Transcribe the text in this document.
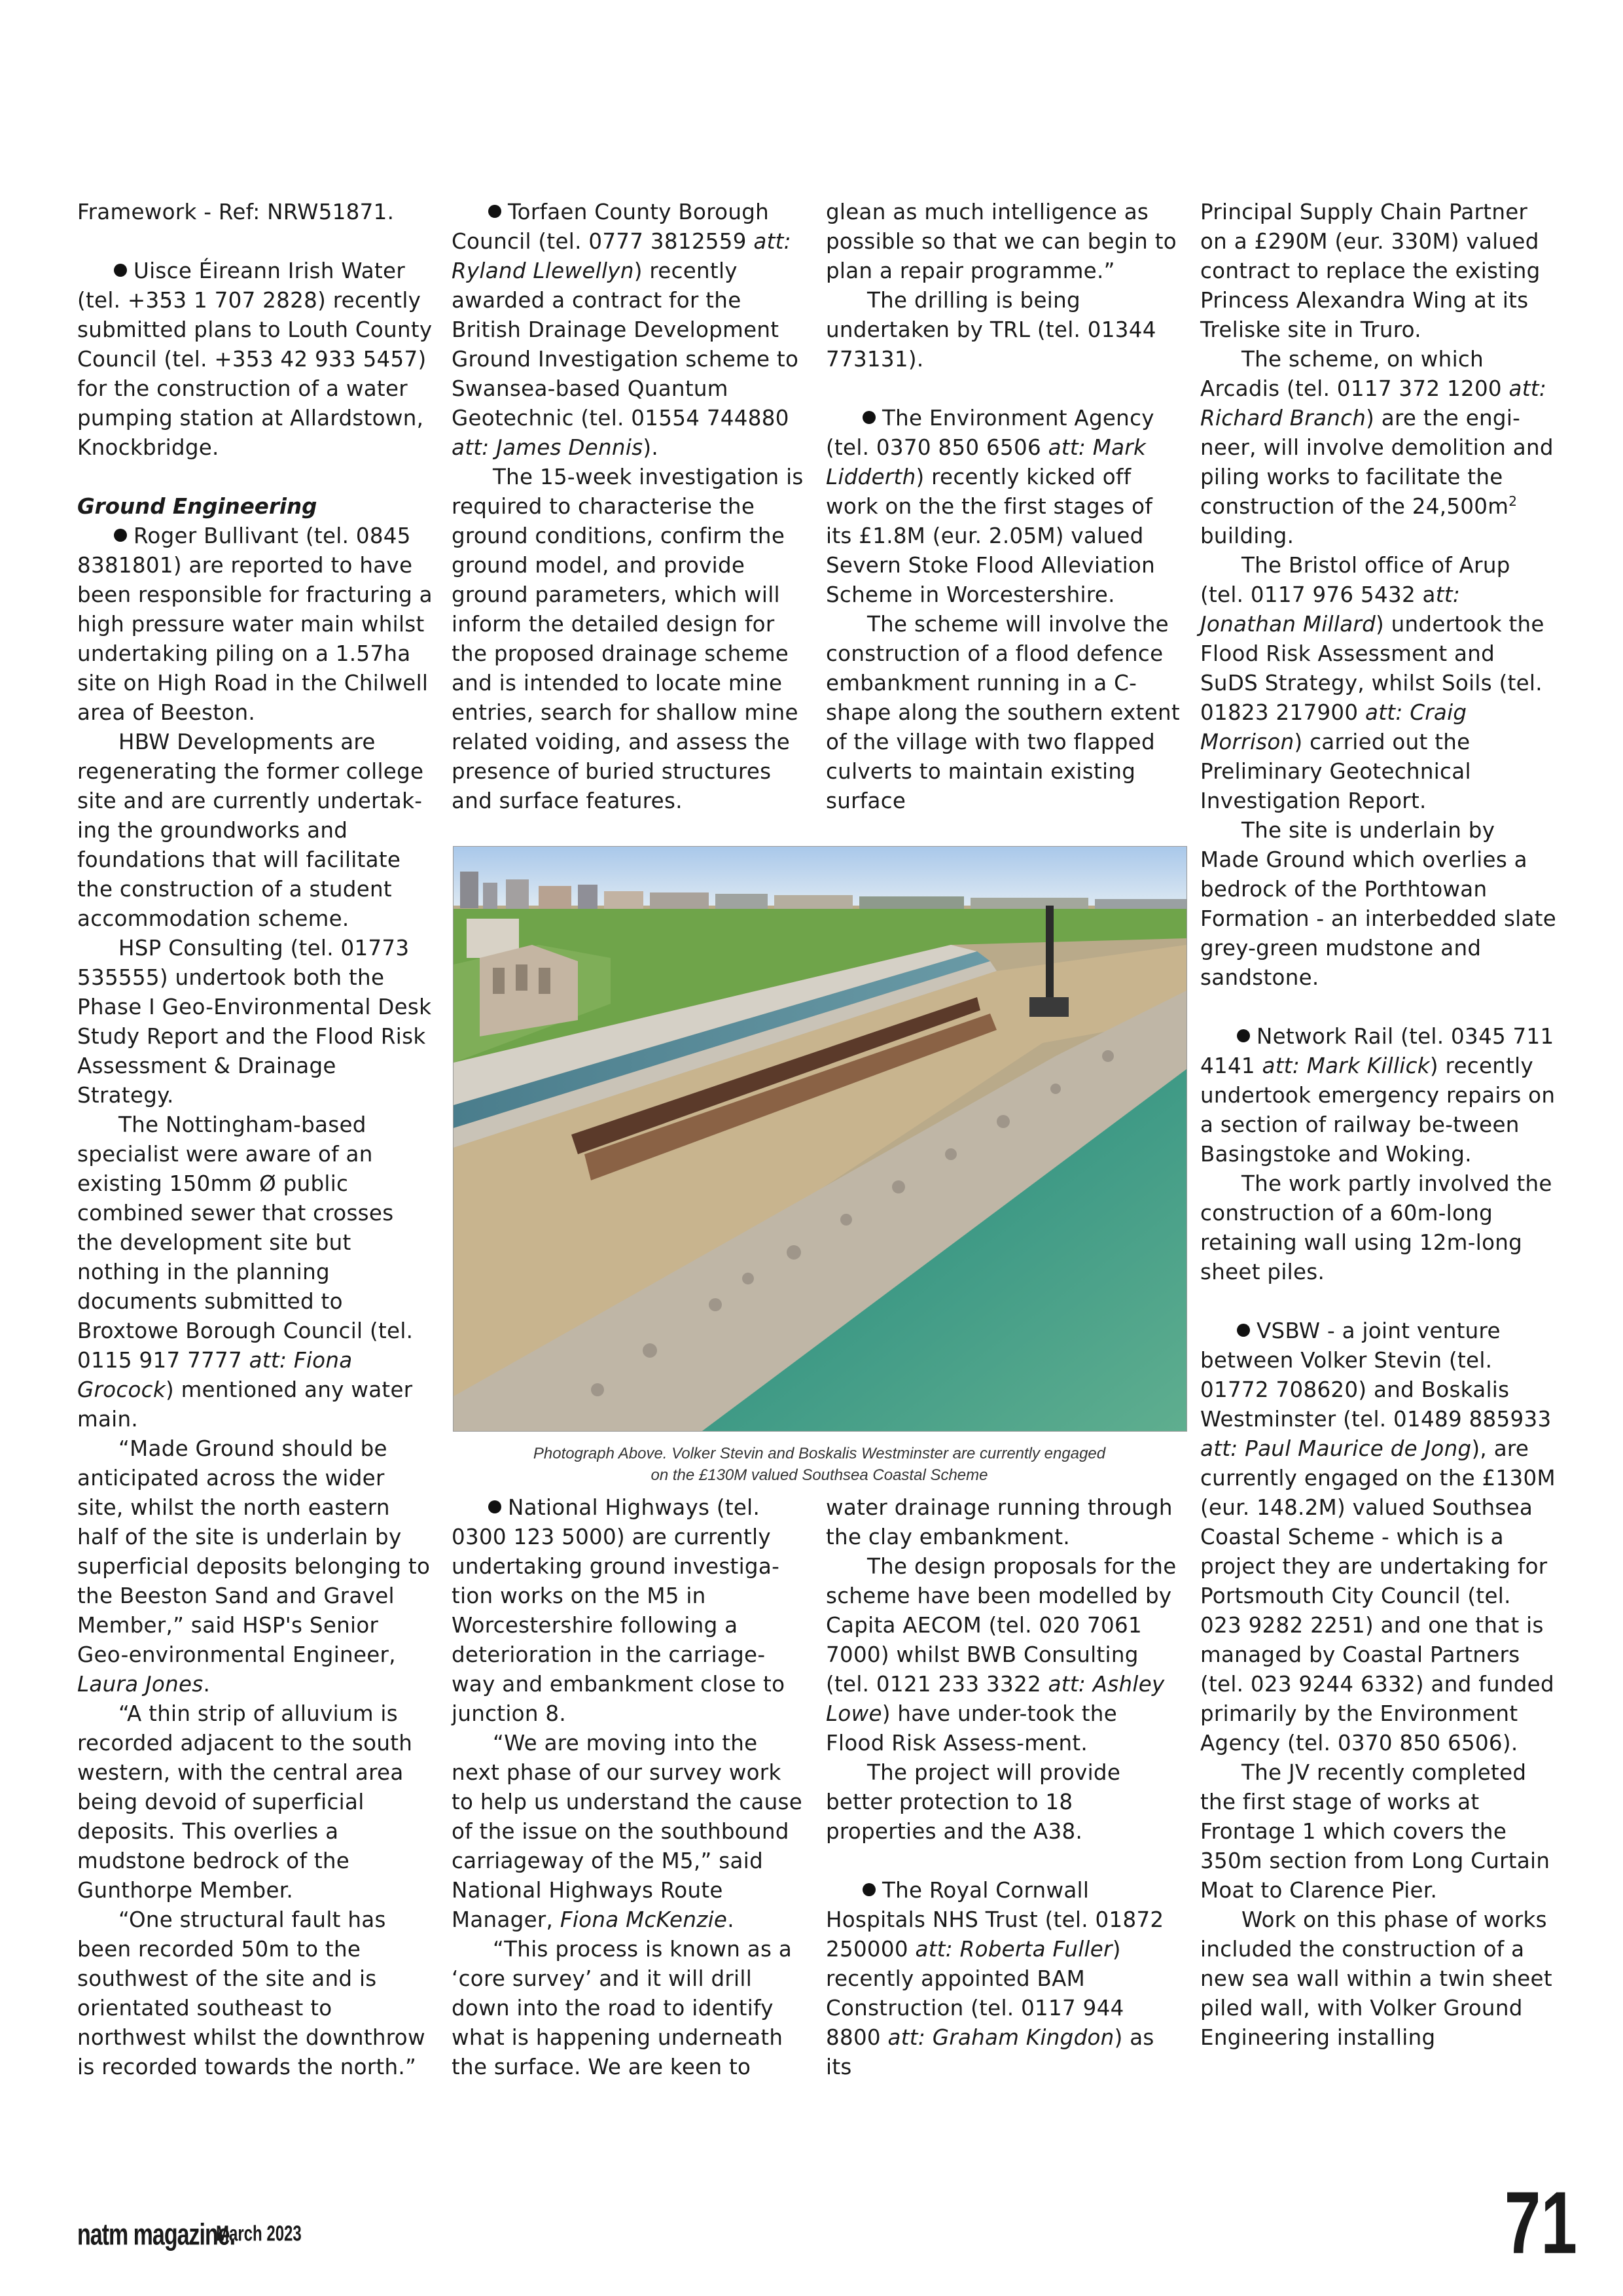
Framework - Ref: NRW51871.

Uisce Éireann Irish Water (tel. +353 1 707 2828) recently submitted plans to Louth County Council (tel. +353 42 933 5457) for the construction of a water pumping station at Allardstown, Knockbridge.

Ground Engineering

Roger Bullivant (tel. 0845 8381801) are reported to have been responsible for fracturing a high pressure water main whilst undertaking piling on a 1.57ha site on High Road in the Chilwell area of Beeston.

HBW Developments are regenerating the former college site and are currently undertak-ing the groundworks and foundations that will facilitate the construction of a student accommodation scheme.

HSP Consulting (tel. 01773 535555) undertook both the Phase I Geo-Environmental Desk Study Report and the Flood Risk Assessment & Drainage Strategy.

The Nottingham-based specialist were aware of an existing 150mm Ø public combined sewer that crosses the development site but nothing in the planning documents submitted to Broxtowe Borough Council (tel. 0115 917 7777 att: Fiona Grocock) mentioned any water main.

“Made Ground should be anticipated across the wider site, whilst the north eastern half of the site is underlain by superficial deposits belonging to the Beeston Sand and Gravel Member,” said HSP's Senior Geo-environmental Engineer, Laura Jones.

“A thin strip of alluvium is recorded adjacent to the south western, with the central area being devoid of superficial deposits. This overlies a mudstone bedrock of the Gunthorpe Member.

“One structural fault has been recorded 50m to the southwest of the site and is orientated southeast to northwest whilst the downthrow is recorded towards the north.”

Torfaen County Borough Council (tel. 0777 3812559 att: Ryland Llewellyn) recently awarded a contract for the British Drainage Development Ground Investigation scheme to Swansea-based Quantum Geotechnic (tel. 01554 744880 att: James Dennis).

The 15-week investigation is required to characterise the ground conditions, confirm the ground model, and provide ground parameters, which will inform the detailed design for the proposed drainage scheme and is intended to locate mine entries, search for shallow mine related voiding, and assess the presence of buried structures and surface features.

glean as much intelligence as possible so that we can begin to plan a repair programme.”

The drilling is being undertaken by TRL (tel. 01344 773131).

The Environment Agency (tel. 0370 850 6506 att: Mark Lidderth) recently kicked off work on the the first stages of its £1.8M (eur. 2.05M) valued Severn Stoke Flood Alleviation Scheme in Worcestershire.

The scheme will involve the construction of a flood defence embankment running in a C-shape along the southern extent of the village with two flapped culverts to maintain existing surface

Photograph Above. Volker Stevin and Boskalis Westminster are currently engaged
on the £130M valued Southsea Coastal Scheme

National Highways (tel. 0300 123 5000) are currently undertaking ground investiga-tion works on the M5 in Worcestershire following a deterioration in the carriage-way and embankment close to junction 8.

“We are moving into the next phase of our survey work to help us understand the cause of the issue on the southbound carriageway of the M5,” said National Highways Route Manager, Fiona McKenzie.

“This process is known as a ‘core survey’ and it will drill down into the road to identify what is happening underneath the surface. We are keen to

water drainage running through the clay embankment.

The design proposals for the scheme have been modelled by Capita AECOM (tel. 020 7061 7000) whilst BWB Consulting (tel. 0121 233 3322 att: Ashley Lowe) have under-took the Flood Risk Assess-ment.

The project will provide better protection to 18 properties and the A38.

The Royal Cornwall Hospitals NHS Trust (tel. 01872 250000 att: Roberta Fuller) recently appointed BAM Construction (tel. 0117 944 8800 att: Graham Kingdon) as its

Principal Supply Chain Partner on a £290M (eur. 330M) valued contract to replace the existing Princess Alexandra Wing at its Treliske site in Truro.

The scheme, on which Arcadis (tel. 0117 372 1200 att: Richard Branch) are the engi-neer, will involve demolition and piling works to facilitate the construction of the $24,500m^2$ building.

The Bristol office of Arup (tel. 0117 976 5432 att: Jonathan Millard) undertook the Flood Risk Assessment and SuDS Strategy, whilst Soils (tel. 01823 217900 att: Craig Morrison) carried out the Preliminary Geotechnical Investigation Report.

The site is underlain by Made Ground which overlies a bedrock of the Porthtowan Formation - an interbedded slate grey-green mudstone and sandstone.

Network Rail (tel. 0345 711 4141 att: Mark Killick) recently undertook emergency repairs on a section of railway be-tween Basingstoke and Woking.

The work partly involved the construction of a 60m-long retaining wall using 12m-long sheet piles.

VSBW - a joint venture between Volker Stevin (tel. 01772 708620) and Boskalis Westminster (tel. 01489 885933 att: Paul Maurice de Jong), are currently engaged on the £130M (eur. 148.2M) valued Southsea Coastal Scheme - which is a project they are undertaking for Portsmouth City Council (tel. 023 9282 2251) and one that is managed by Coastal Partners (tel. 023 9244 6332) and funded primarily by the Environment Agency (tel. 0370 850 6506).

The JV recently completed the first stage of works at Frontage 1 which covers the 350m section from Long Curtain Moat to Clarence Pier.

Work on this phase of works included the construction of a new sea wall within a twin sheet piled wall, with Volker Ground Engineering installing

natm magazine.
March 2023	71
